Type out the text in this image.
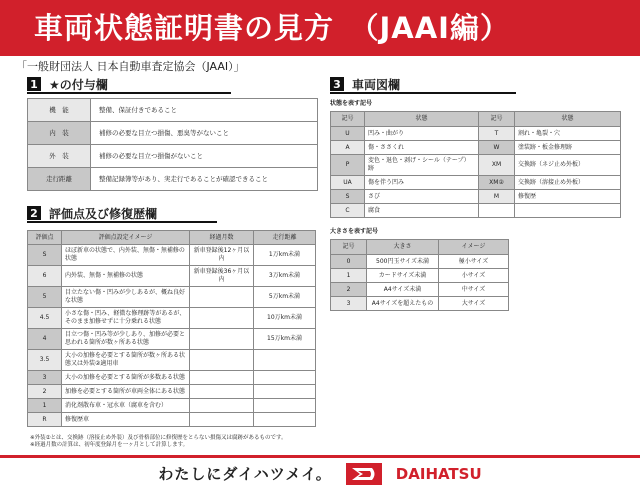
車両状態証明書の見方　（JAAI編）
「一般財団法人 日本自動車査定協会（JAAI）」
1 ★の付与欄
機　能	整備、保証付きであること
内　装	補修の必要な目立つ損傷、悪臭等がないこと
外　装	補修の必要な目立つ損傷がないこと
走行距離	整備記録簿等があり、実走行であることが確認できること
2 評価点及び修復歴欄
評価点	評価点設定イメージ	経過月数	走行距離
S	ほぼ新車の状態で、内外装、無傷・無補修の状態	新車登録後12ヶ月以内	1万km未満
6	内外装、無傷・無補修の状態	新車登録後36ヶ月以内	3万km未満
5	目立たない傷・凹みが少しあるが、概ね良好な状態		5万km未満
4.5	小さな傷・凹み、軽微な修理跡等があるが、そのまま加修せずに十分乗れる状態		10万km未満
4	目立つ傷・凹み等が少しあり、加修が必要と思われる箇所が数ヶ所ある状態		15万km未満
3.5	大小の加修を必要とする箇所が数ヶ所ある状態又は外装②適用車		
3	大小の加修を必要とする箇所が多数ある状態		
2	加修を必要とする箇所が車両全体にある状態		
1	消化剤散布車・冠水車（腐車を含む）		
R	修復歴車		
※外装②とは、交換跡（溶接止め外装）及び骨格部位に修復歴をとらない損傷又は腐跡があるものです。
※経過月数の計算は、初年度登録月を一ヶ月として計算します。
3 車両図欄
状態を表す記号
記号	状態	記号	状態
U	凹み・曲がり	T	割れ・亀裂・穴
A	傷・ささくれ	W	塗装跡・板金修理跡
P	変色・退色・剥げ・シール（テープ）跡	XM	交換跡（ネジ止め外板）
UA	傷を伴う凹み	XM②	交換跡（溶接止め外板）
S	さび	M	修復歴
C	腐食		
大きさを表す記号
記号	大きさ	イメージ
0	500円玉サイズ未満	極小サイズ
1	カードサイズ未満	小サイズ
2	A4サイズ未満	中サイズ
3	A4サイズを超えたもの	大サイズ
わたしにダイハツメイ。	DAIHATSU
